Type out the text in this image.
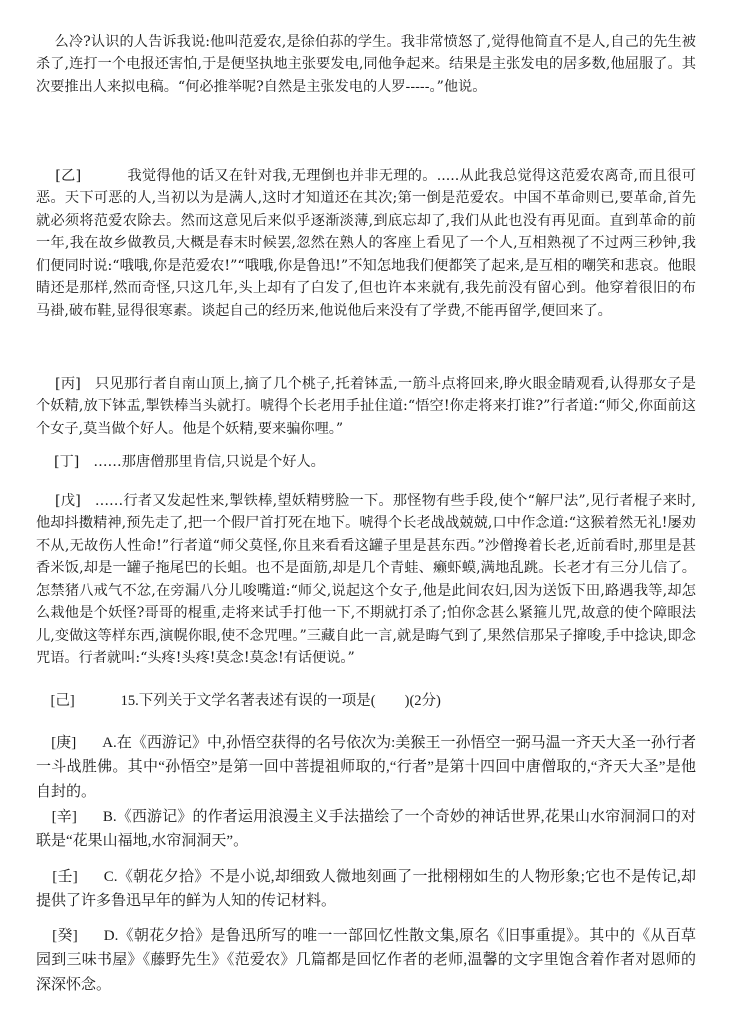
么冷?认识的人告诉我说:他叫范爱农,是徐伯荪的学生。我非常愤怒了,觉得他简直不是人,自己的先生被杀了,连打一个电报还害怕,于是便坚执地主张要发电,同他争起来。结果是主张发电的居多数,他屈服了。其次要推出人来拟电稿。“何必推举呢?自然是主张发电的人罗-----。”他说。

[乙]	我觉得他的话又在针对我,无理倒也并非无理的。.....从此我总觉得这范爱农离奇,而且很可恶。天下可恶的人,当初以为是满人,这时才知道还在其次;第一倒是范爱农。中国不革命则已,要革命,首先就必须将范爱农除去。然而这意见后来似乎逐渐淡薄,到底忘却了,我们从此也没有再见面。直到革命的前一年,我在故乡做教员,大概是春末时候罢,忽然在熟人的客座上看见了一个人,互相熟视了不过两三秒钟,我们便同时说:“哦哦,你是范爱农!”“哦哦,你是鲁迅!”不知怎地我们便都笑了起来,是互相的嘲笑和悲哀。他眼睛还是那样,然而奇怪,只这几年,头上却有了白发了,但也许本来就有,我先前没有留心到。他穿着很旧的布马褂,破布鞋,显得很寒素。谈起自己的经历来,他说他后来没有了学费,不能再留学,便回来了。

[丙] 只见那行者自南山顶上,摘了几个桃子,托着钵盂,一筋斗点将回来,睁火眼金睛观看,认得那女子是个妖精,放下钵盂,掣铁棒当头就打。唬得个长老用手扯住道:“悟空!你走将来打谁?”行者道:“师父,你面前这个女子,莫当做个好人。他是个妖精,要来骗你哩。”

[丁] ……那唐僧那里肯信,只说是个好人。

[戊] ……行者又发起性来,掣铁棒,望妖精劈脸一下。那怪物有些手段,使个“解尸法”,见行者棍子来时,他却抖擞精神,预先走了,把一个假尸首打死在地下。唬得个长老战战兢兢,口中作念道:“这猴着然无礼!屡劝不从,无故伤人性命!”行者道“师父莫怪,你且来看看这罐子里是甚东西。”沙僧搀着长老,近前看时,那里是甚香米饭,却是一罐子拖尾巴的长蛆。也不是面筋,却是几个青蛙、癞虾蟆,满地乱跳。长老才有三分儿信了。怎禁猪八戒气不忿,在旁漏八分儿唆嘴道:“师父,说起这个女子,他是此间农妇,因为送饭下田,路遇我等,却怎么栽他是个妖怪?哥哥的棍重,走将来试手打他一下,不期就打杀了;怕你念甚么紧箍儿咒,故意的使个障眼法儿,变做这等样东西,演幌你眼,使不念咒哩。”三藏自此一言,就是晦气到了,果然信那呆子撺唆,手中捻诀,即念咒语。行者就叫:“头疼!头疼!莫念!莫念!有话便说。”

[己]	15.下列关于文学名著表述有误的一项是(　　)(2分)

[庚] A.在《西游记》中,孙悟空获得的名号依次为:美猴王一孙悟空一弼马温一齐天大圣一孙行者一斗战胜佛。其中“孙悟空”是第一回中菩提祖师取的,“行者”是第十四回中唐僧取的,“齐天大圣”是他自封的。

[辛] B.《西游记》的作者运用浪漫主义手法描绘了一个奇妙的神话世界,花果山水帘洞洞口的对联是“花果山福地,水帘洞洞天”。

[壬] C.《朝花夕拾》不是小说,却细致人微地刻画了一批栩栩如生的人物形象;它也不是传记,却提供了许多鲁迅早年的鲜为人知的传记材料。

[癸] D.《朝花夕拾》是鲁迅所写的唯一一部回忆性散文集,原名《旧事重提》。其中的《从百草园到三味书屋》《藤野先生》《范爱农》几篇都是回忆作者的老师,温馨的文字里饱含着作者对恩师的深深怀念。
